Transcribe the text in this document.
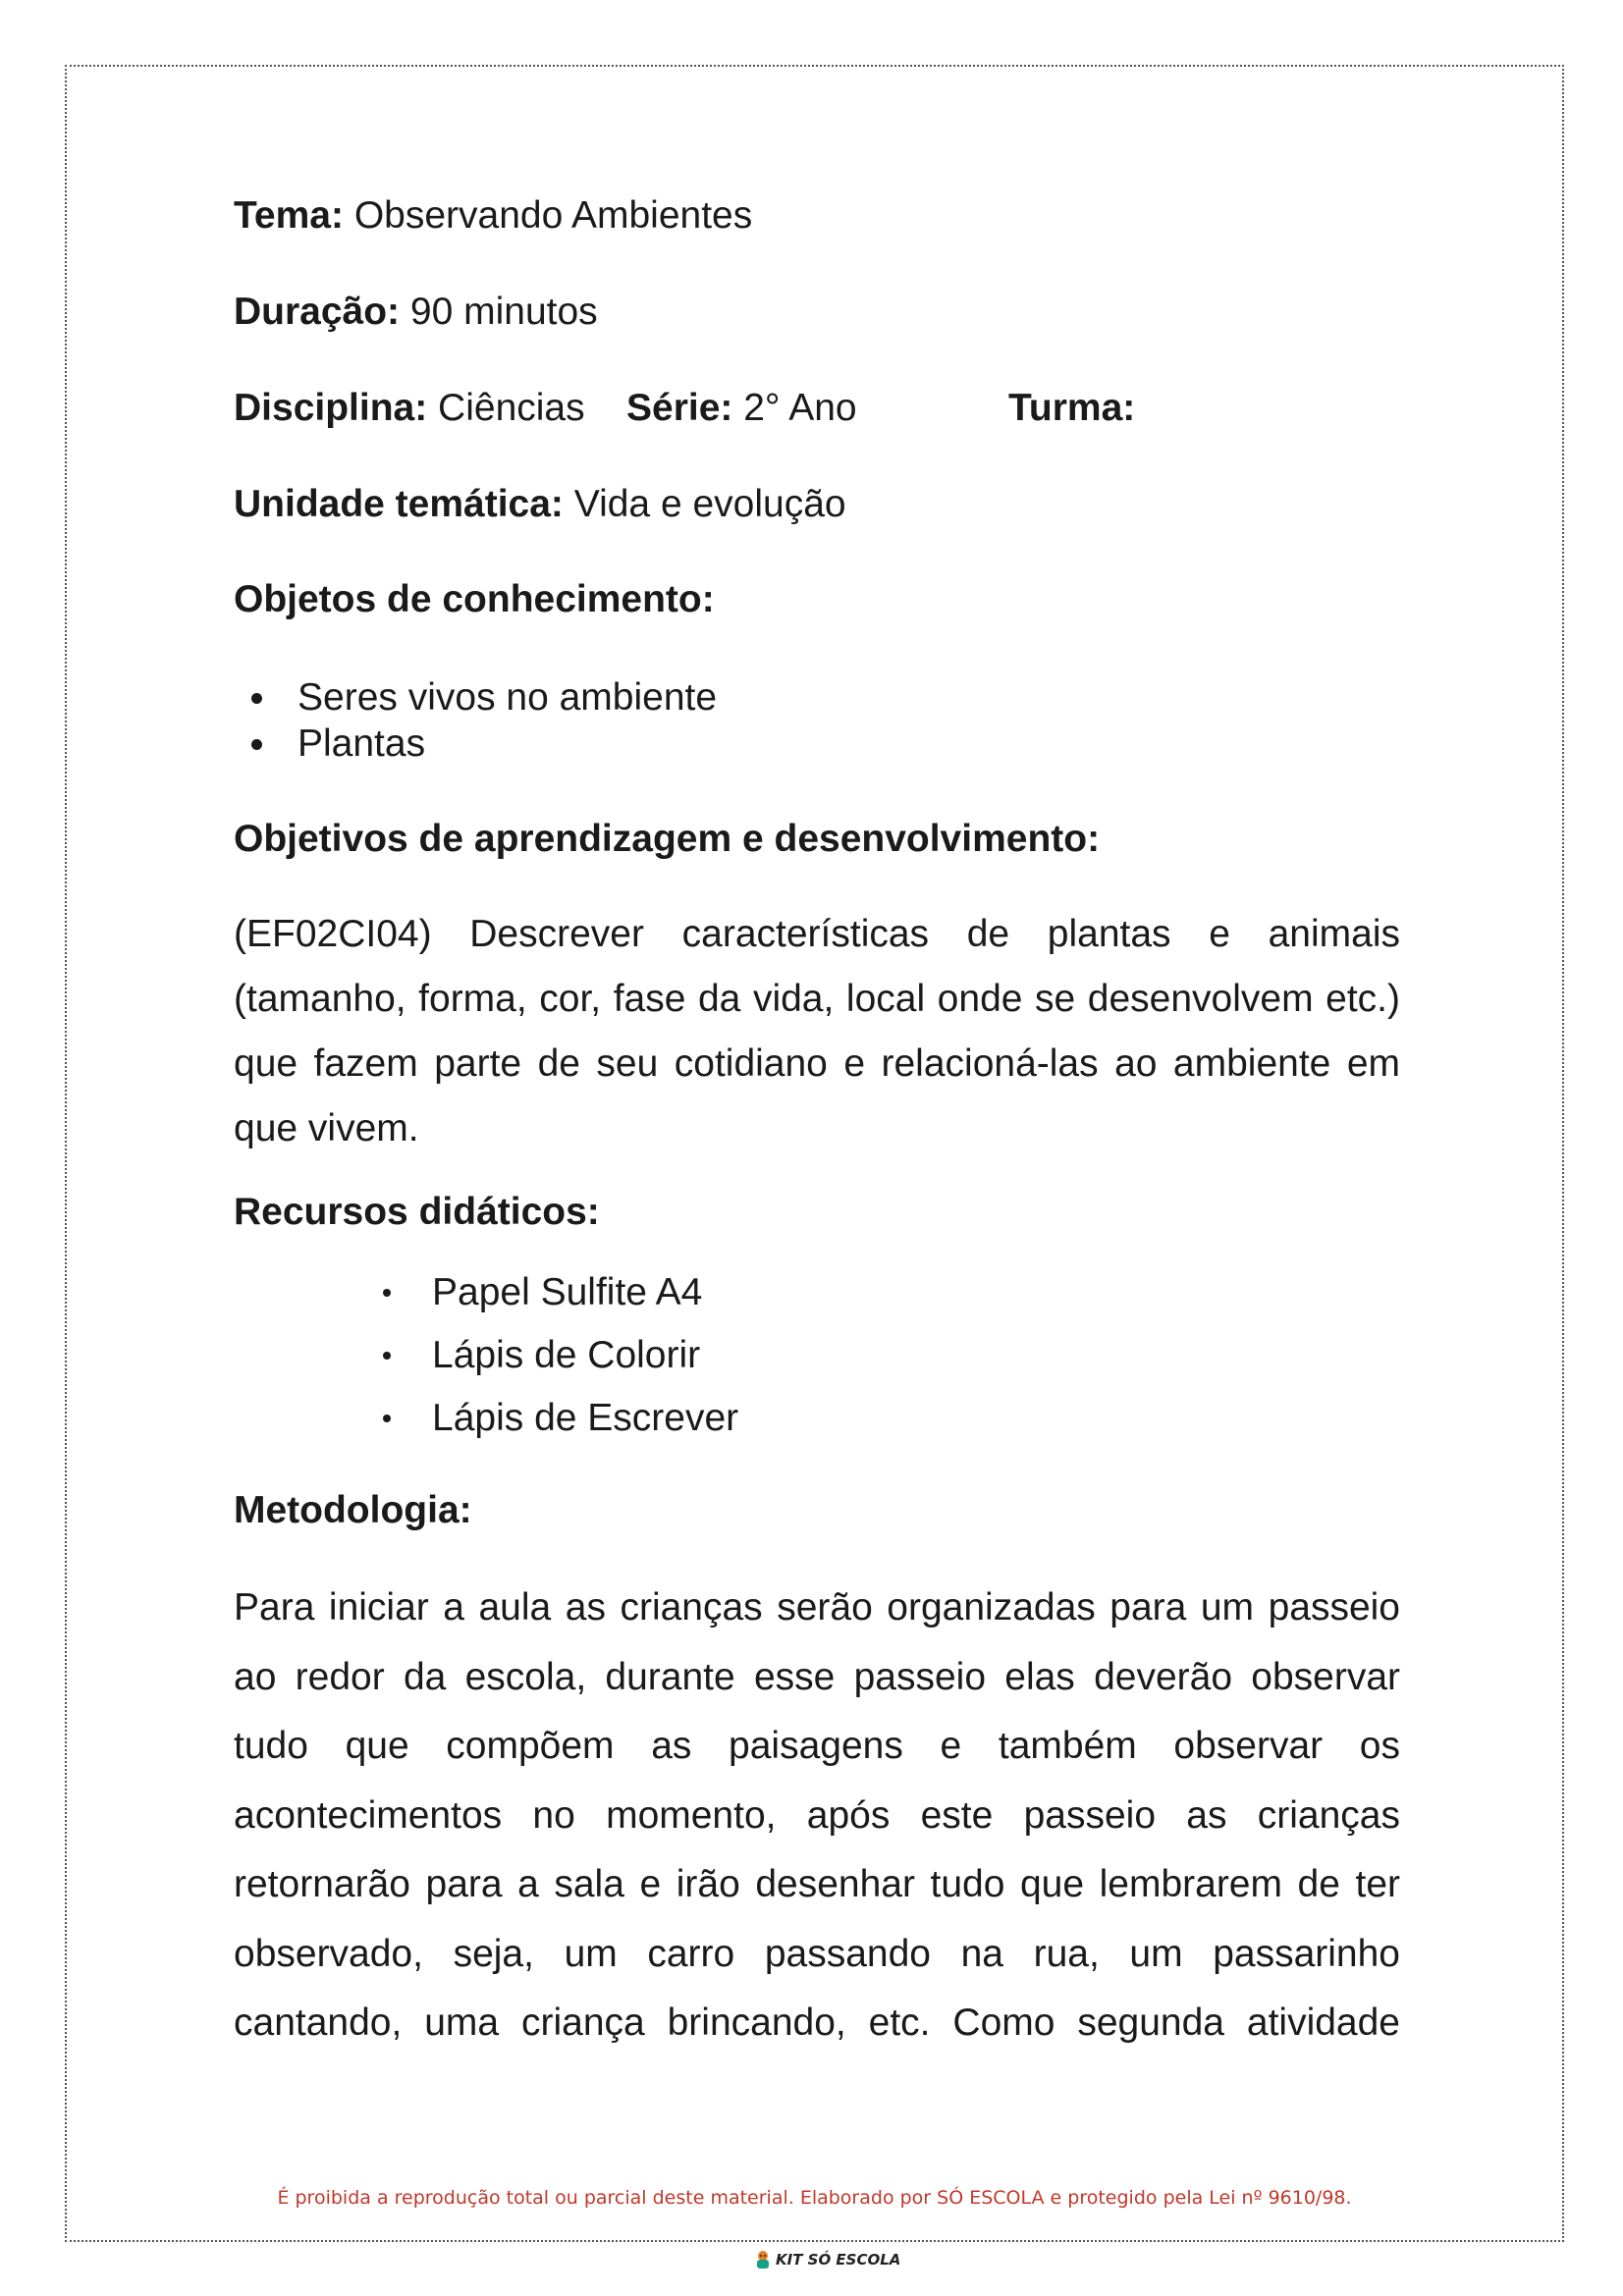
Tema: Observando Ambientes

Duração: 90 minutos

Disciplina: Ciências Série: 2° Ano	Turma:

Unidade temática: Vida e evolução

Objetos de conhecimento:

Seres vivos no ambiente
Plantas

Objetivos de aprendizagem e desenvolvimento:

(EF02CI04) Descrever características de plantas e animais
(tamanho, forma, cor, fase da vida, local onde se desenvolvem etc.)
que fazem parte de seu cotidiano e relacioná-las ao ambiente em
que vivem.

Recursos didáticos:

Papel Sulfite A4
Lápis de Colorir
Lápis de Escrever

Metodologia:

Para iniciar a aula as crianças serão organizadas para um passeio
ao redor da escola, durante esse passeio elas deverão observar
tudo que compõem as paisagens e também observar os
acontecimentos no momento, após este passeio as crianças
retornarão para a sala e irão desenhar tudo que lembrarem de ter
observado, seja, um carro passando na rua, um passarinho
cantando, uma criança brincando, etc. Como segunda atividade
É proibida a reprodução total ou parcial deste material. Elaborado por SÓ ESCOLA e protegido pela Lei nº 9610/98.
KIT SÓ ESCOLA
